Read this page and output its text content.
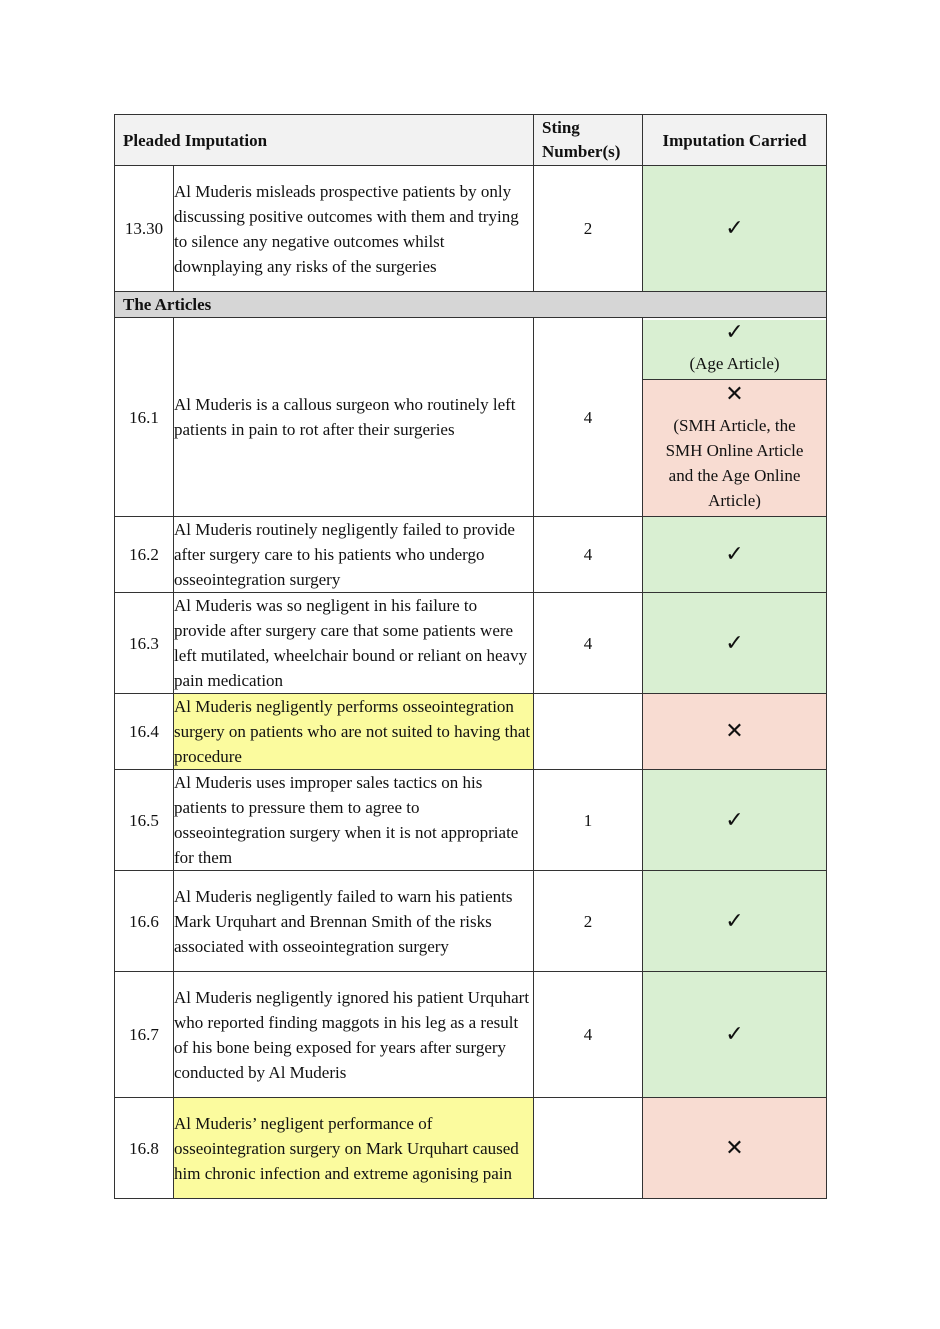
Pleaded Imputation		Sting Number(s)	Imputation Carried
13.30	Al Muderis misleads prospective patients by only discussing positive outcomes with them and trying to silence any negative outcomes whilst downplaying any risks of the surgeries	2	✓

The Articles			
16.1	Al Muderis is a callous surgeon who routinely left patients in pain to rot after their surgeries	4	✓
(Age Article)
✕
(SMH Article, the SMH Online Article and the Age Online Article)

16.2	Al Muderis routinely negligently failed to provide after surgery care to his patients who undergo osseointegration surgery	4	✓

16.3	Al Muderis was so negligent in his failure to provide after surgery care that some patients were left mutilated, wheelchair bound or reliant on heavy pain medication	4	✓

16.4	Al Muderis negligently performs osseointegration surgery on patients who are not suited to having that procedure		✕

16.5	Al Muderis uses improper sales tactics on his patients to pressure them to agree to osseointegration surgery when it is not appropriate for them	1	✓

16.6	Al Muderis negligently failed to warn his patients Mark Urquhart and Brennan Smith of the risks associated with osseointegration surgery	2	✓

16.7	Al Muderis negligently ignored his patient Urquhart who reported finding maggots in his leg as a result of his bone being exposed for years after surgery conducted by Al Muderis	4	✓

16.8	Al Muderis’ negligent performance of osseointegration surgery on Mark Urquhart caused him chronic infection and extreme agonising pain		✕
